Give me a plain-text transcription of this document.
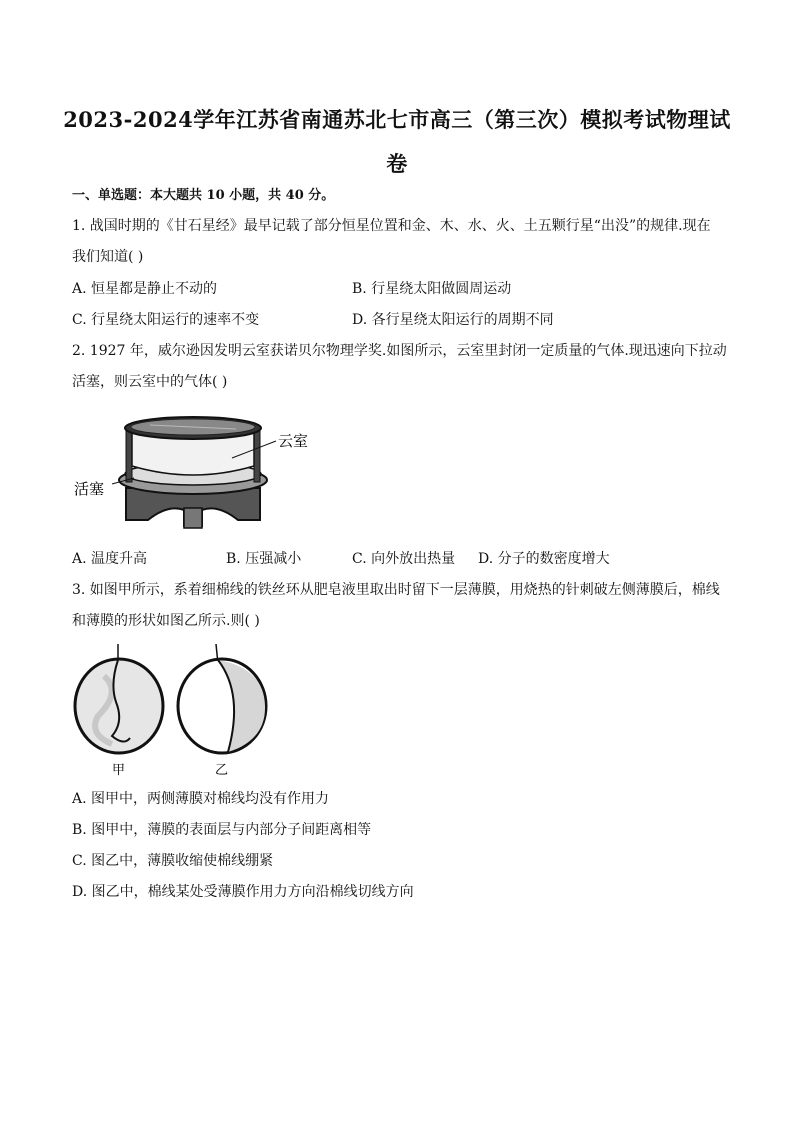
2023-2024学年江苏省南通苏北七市高三（第三次）模拟考试物理试
卷
一、单选题：本大题共 10 小题，共 40 分。
1. 战国时期的《甘石星经》最早记载了部分恒星位置和金、木、水、火、土五颗行星“出没”的规律.现在
我们知道( )
A. 恒星都是静止不动的	B. 行星绕太阳做圆周运动
C. 行星绕太阳运行的速率不变	D. 各行星绕太阳运行的周期不同
2. 1927 年，威尔逊因发明云室获诺贝尔物理学奖.如图所示，云室里封闭一定质量的气体.现迅速向下拉动
活塞，则云室中的气体( )
云室
活塞
A. 温度升高	B. 压强减小	C. 向外放出热量 D. 分子的数密度增大
3. 如图甲所示，系着细棉线的铁丝环从肥皂液里取出时留下一层薄膜，用烧热的针刺破左侧薄膜后，棉线
和薄膜的形状如图乙所示.则( )
甲	乙
A. 图甲中，两侧薄膜对棉线均没有作用力
B. 图甲中，薄膜的表面层与内部分子间距离相等
C. 图乙中，薄膜收缩使棉线绷紧
D. 图乙中，棉线某处受薄膜作用力方向沿棉线切线方向
